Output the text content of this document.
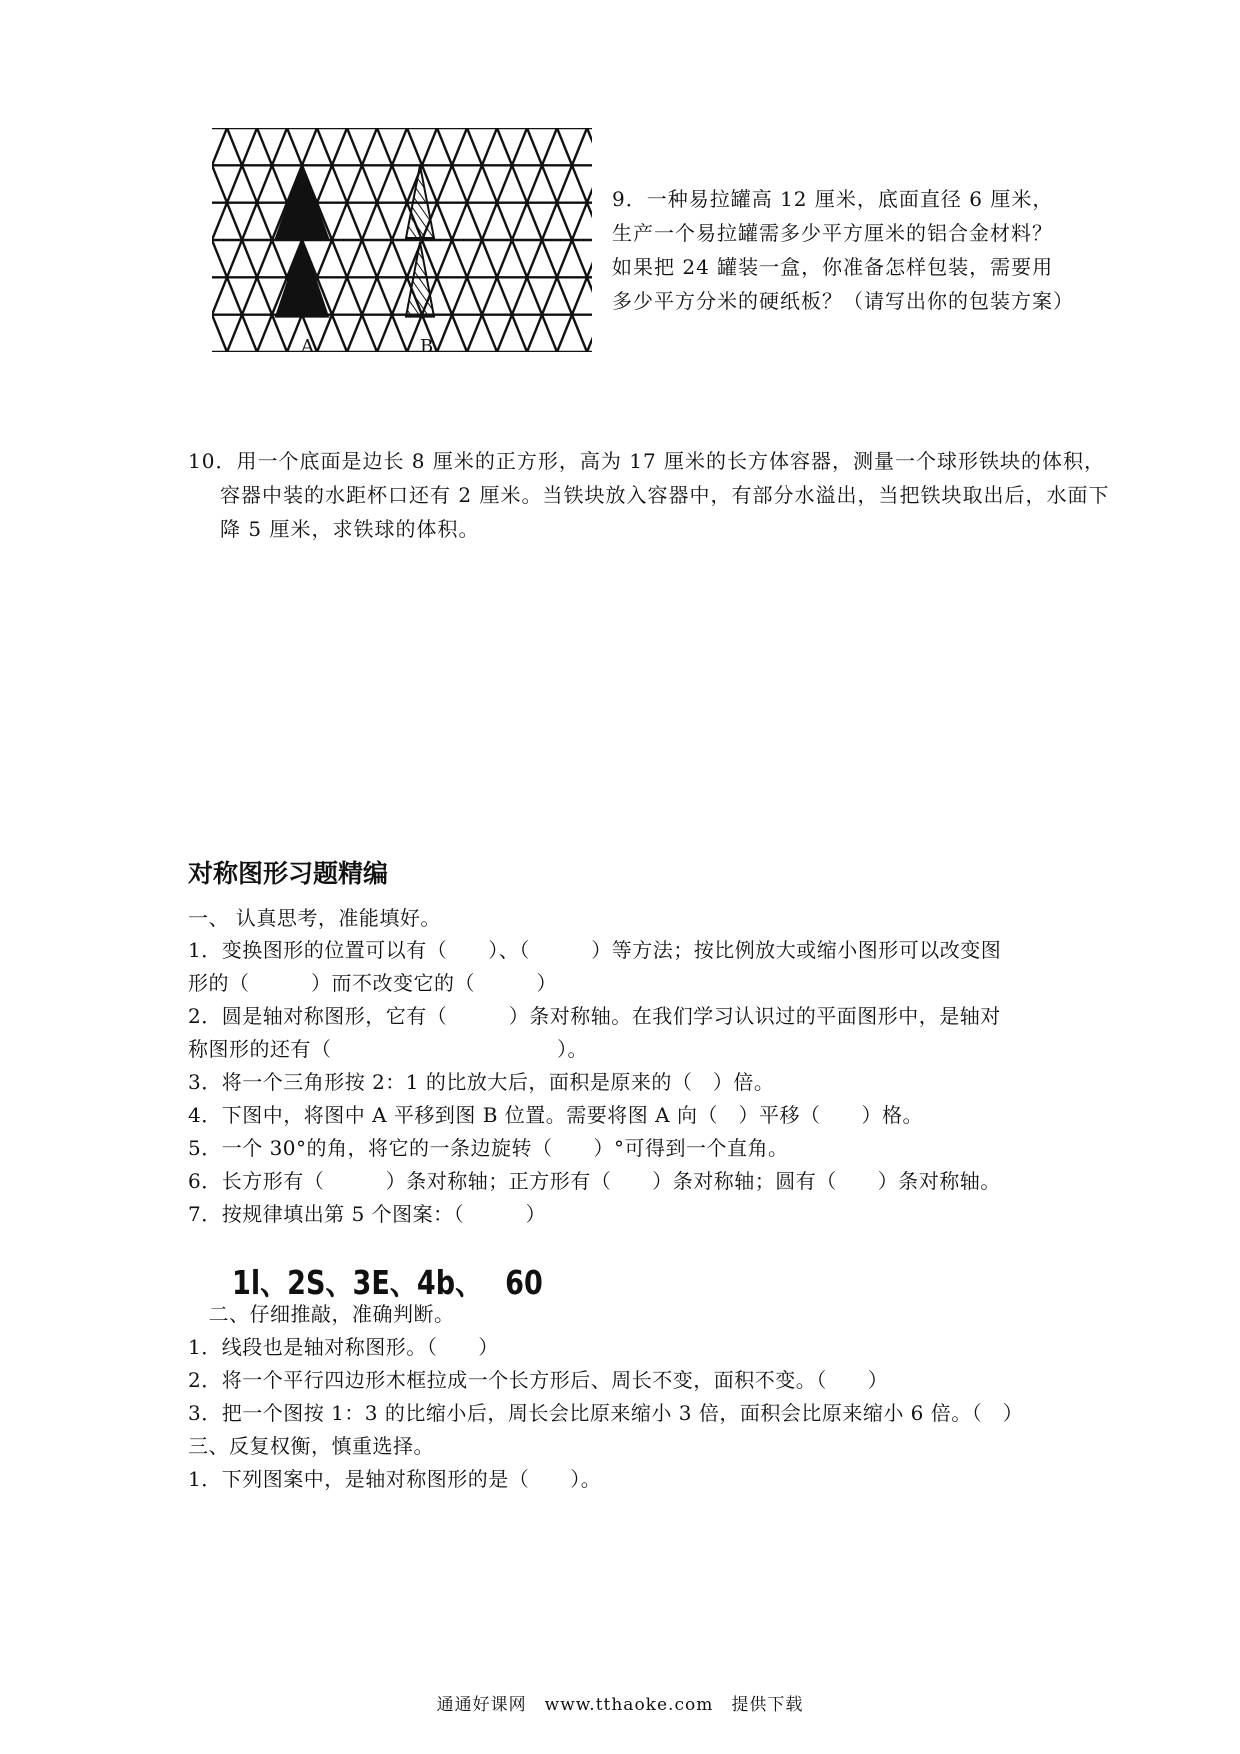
A	B
9．一种易拉罐高 12 厘米，底面直径 6 厘米，生产一个易拉罐需多少平方厘米的铝合金材料？如果把 24 罐装一盒，你准备怎样包装，需要用多少平方分米的硬纸板？（请写出你的包装方案）
10．用一个底面是边长 8 厘米的正方形，高为 17 厘米的长方体容器，测量一个球形铁块的体积，容器中装的水距杯口还有 2 厘米。当铁块放入容器中，有部分水溢出，当把铁块取出后，水面下降 5 厘米，求铁球的体积。
对称图形习题精编
一、 认真思考，准能填好。
1．变换图形的位置可以有（　　）、（　　　）等方法；按比例放大或缩小图形可以改变图
形的（　　　）而不改变它的（　　　）
2．圆是轴对称图形，它有（　　　）条对称轴。在我们学习认识过的平面图形中，是轴对
称图形的还有（　　　　　　　　　　　）。
3．将一个三角形按 2：1 的比放大后，面积是原来的（　）倍。
4．下图中，将图中 A 平移到图 B 位置。需要将图 A 向（　）平移（　　）格。
5．一个 30°的角，将它的一条边旋转（　　）°可得到一个直角。
6．长方形有（　　　）条对称轴；正方形有（　　）条对称轴；圆有（　　）条对称轴。
7．按规律填出第 5 个图案：（　　　）
1l、2S、3E、4b、　 60
　二、仔细推敲，准确判断。
1．线段也是轴对称图形。（　　）
2．将一个平行四边形木框拉成一个长方形后、周长不变，面积不变。（　　）
3．把一个图按 1：3 的比缩小后，周长会比原来缩小 3 倍，面积会比原来缩小 6 倍。（　）
三、反复权衡，慎重选择。
1．下列图案中，是轴对称图形的是（　　）。
通通好课网　www.tthaoke.com　提供下载
